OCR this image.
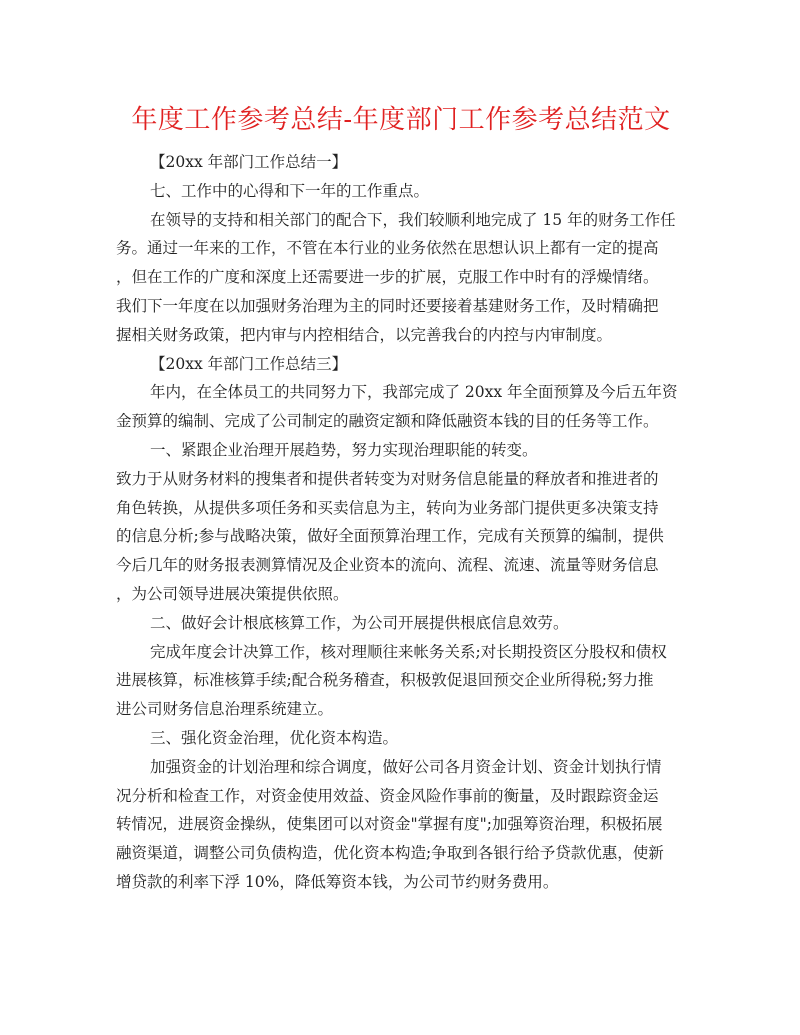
年度工作参考总结-年度部门工作参考总结范文

【20xx 年部门工作总结一】

七、工作中的心得和下一年的工作重点。

在领导的支持和相关部门的配合下，我们较顺利地完成了 15 年的财务工作任

务。通过一年来的工作，不管在本行业的业务依然在思想认识上都有一定的提高

，但在工作的广度和深度上还需要进一步的扩展，克服工作中时有的浮燥情绪。

我们下一年度在以加强财务治理为主的同时还要接着基建财务工作，及时精确把

握相关财务政策，把内审与内控相结合，以完善我台的内控与内审制度。

【20xx 年部门工作总结三】

年内，在全体员工的共同努力下，我部完成了 20xx 年全面预算及今后五年资

金预算的编制、完成了公司制定的融资定额和降低融资本钱的目的任务等工作。

一、紧跟企业治理开展趋势，努力实现治理职能的转变。

致力于从财务材料的搜集者和提供者转变为对财务信息能量的释放者和推进者的

角色转换，从提供多项任务和买卖信息为主，转向为业务部门提供更多决策支持

的信息分析;参与战略决策，做好全面预算治理工作，完成有关预算的编制，提供

今后几年的财务报表测算情况及企业资本的流向、流程、流速、流量等财务信息

，为公司领导进展决策提供依照。

二、做好会计根底核算工作，为公司开展提供根底信息效劳。

完成年度会计决算工作，核对理顺往来帐务关系;对长期投资区分股权和债权

进展核算，标准核算手续;配合税务稽查，积极敦促退回预交企业所得税;努力推

进公司财务信息治理系统建立。

三、强化资金治理，优化资本构造。

加强资金的计划治理和综合调度，做好公司各月资金计划、资金计划执行情

况分析和检查工作，对资金使用效益、资金风险作事前的衡量，及时跟踪资金运

转情况，进展资金操纵，使集团可以对资金"掌握有度";加强筹资治理，积极拓展

融资渠道，调整公司负债构造，优化资本构造;争取到各银行给予贷款优惠，使新

增贷款的利率下浮 10%，降低筹资本钱，为公司节约财务费用。
